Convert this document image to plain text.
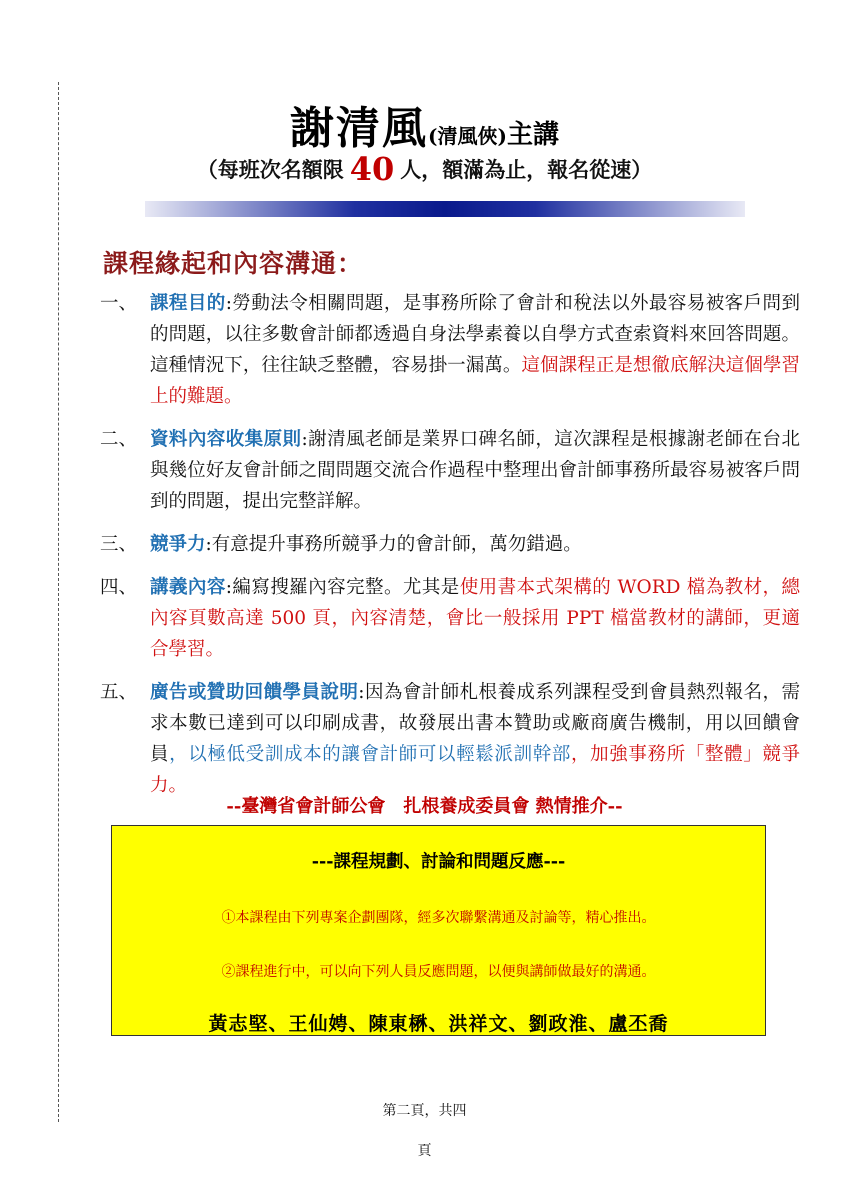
謝清風(清風俠)主講
（每班次名額限 40 人，額滿為止，報名從速）
課程緣起和內容溝通：
一、 課程目的:勞動法令相關問題，是事務所除了會計和稅法以外最容易被客戶問到的問題，以往多數會計師都透過自身法學素養以自學方式查索資料來回答問題。這種情況下，往往缺乏整體，容易掛一漏萬。這個課程正是想徹底解決這個學習上的難題。
二、 資料內容收集原則:謝清風老師是業界口碑名師，這次課程是根據謝老師在台北與幾位好友會計師之間問題交流合作過程中整理出會計師事務所最容易被客戶問到的問題，提出完整詳解。
三、 競爭力:有意提升事務所競爭力的會計師，萬勿錯過。
四、 講義內容:編寫搜羅內容完整。尤其是使用書本式架構的 WORD 檔為教材，總內容頁數高達 500 頁，內容清楚，會比一般採用 PPT 檔當教材的講師，更適合學習。
五、 廣告或贊助回饋學員說明:因為會計師札根養成系列課程受到會員熱烈報名，需求本數已達到可以印刷成書，故發展出書本贊助或廠商廣告機制，用以回饋會員，以極低受訓成本的讓會計師可以輕鬆派訓幹部，加強事務所「整體」競爭力。
--臺灣省會計師公會　扎根養成委員會 熱情推介--
---課程規劃、討論和問題反應---
①本課程由下列專案企劃團隊，經多次聯繫溝通及討論等，精心推出。
②課程進行中，可以向下列人員反應問題，以便與講師做最好的溝通。
黃志堅、王仙娉、陳東楙、洪祥文、劉政淮、盧丕喬
第二頁，共四
頁
